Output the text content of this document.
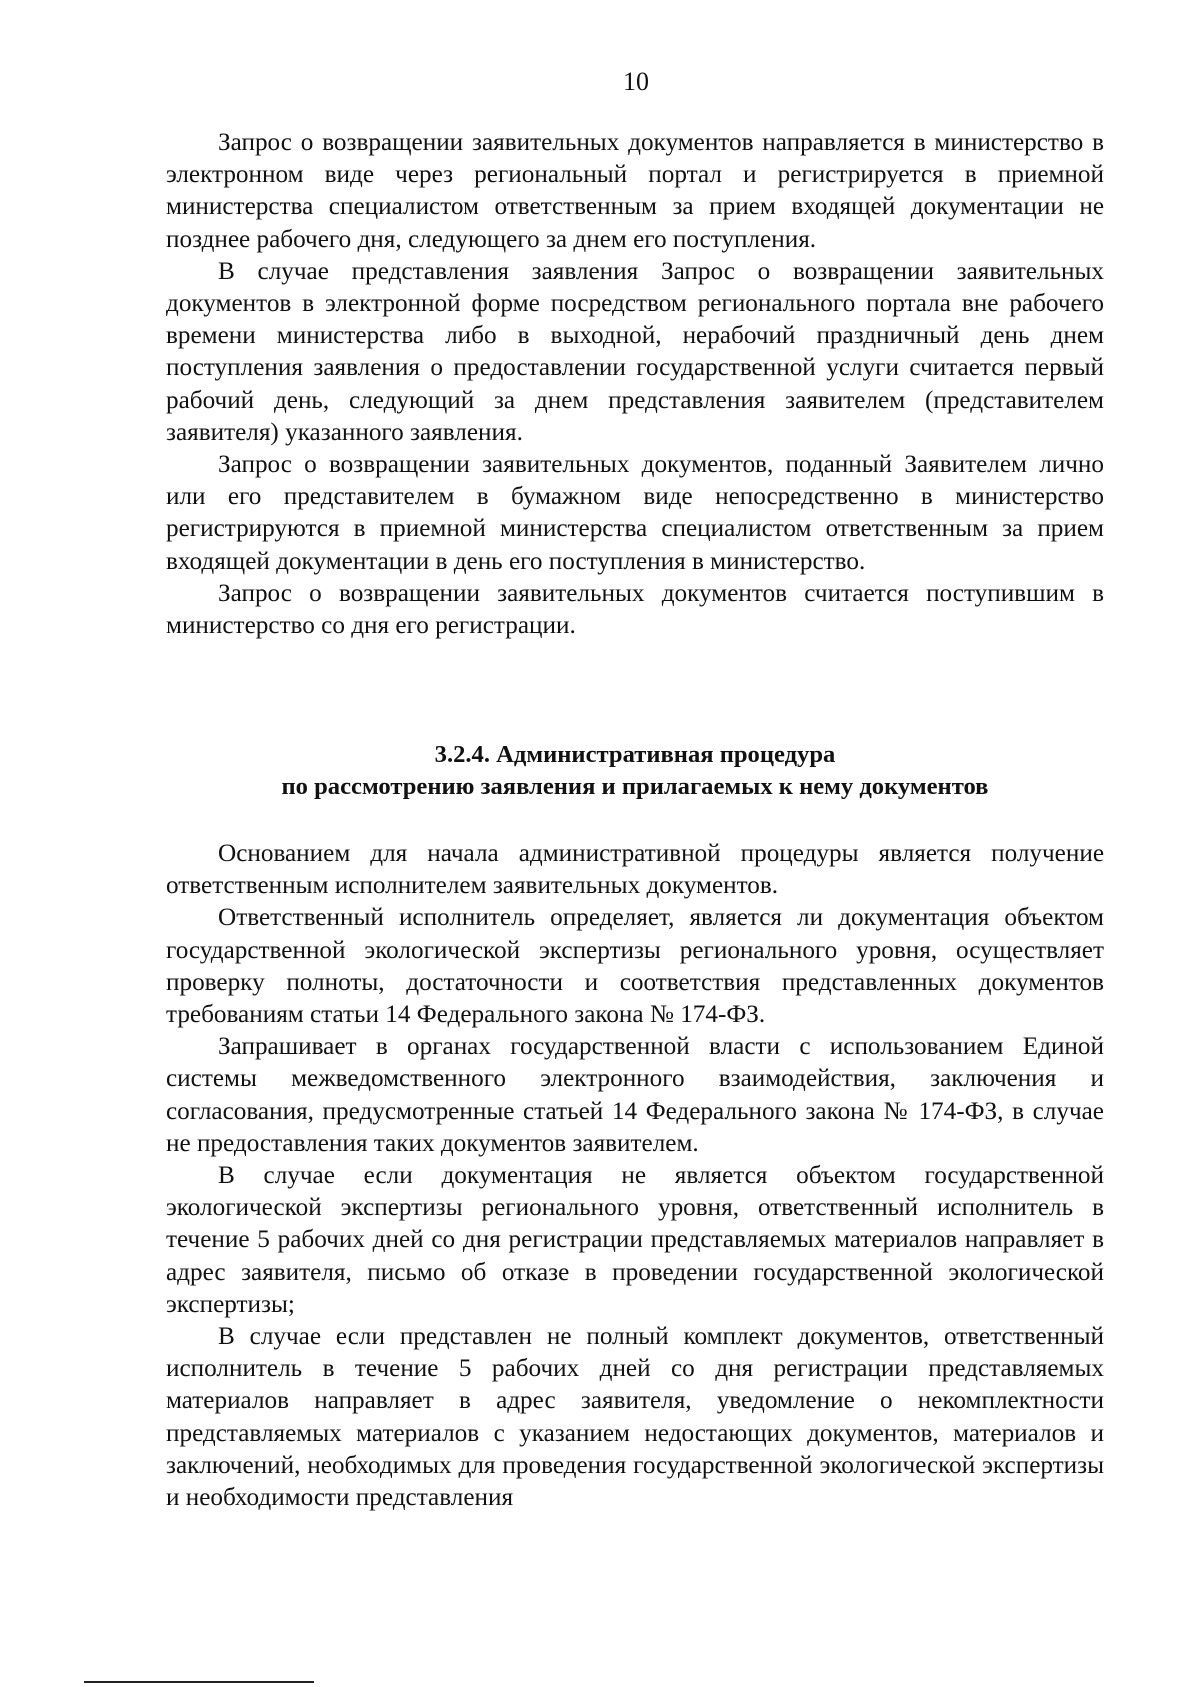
10

Запрос о возвращении заявительных документов направляется в министерство в электронном виде через региональный портал и регистрируется в приемной министерства специалистом ответственным за прием входящей документации не позднее рабочего дня, следующего за днем его поступления.

В случае представления заявления Запрос о возвращении заявительных документов в электронной форме посредством регионального портала вне рабочего времени министерства либо в выходной, нерабочий праздничный день днем поступления заявления о предоставлении государственной услуги считается первый рабочий день, следующий за днем представления заявителем (представителем заявителя) указанного заявления.

Запрос о возвращении заявительных документов, поданный Заявителем лично или его представителем в бумажном виде непосредственно в министерство регистрируются в приемной министерства специалистом ответственным за прием входящей документации в день его поступления в министерство.

Запрос о возвращении заявительных документов считается поступившим в министерство со дня его регистрации.

3.2.4. Административная процедура
по рассмотрению заявления и прилагаемых к нему документов

Основанием для начала административной процедуры является получение ответственным исполнителем заявительных документов.

Ответственный исполнитель определяет, является ли документация объектом государственной экологической экспертизы регионального уровня, осуществляет проверку полноты, достаточности и соответствия представленных документов требованиям статьи 14 Федерального закона № 174-ФЗ.

Запрашивает в органах государственной власти с использованием Единой системы межведомственного электронного взаимодействия, заключения и согласования, предусмотренные статьей 14 Федерального закона № 174-ФЗ, в случае не предоставления таких документов заявителем.

В случае если документация не является объектом государственной экологической экспертизы регионального уровня, ответственный исполнитель в течение 5 рабочих дней со дня регистрации представляемых материалов направляет в адрес заявителя, письмо об отказе в проведении государственной экологической экспертизы;

В случае если представлен не полный комплект документов, ответственный исполнитель в течение 5 рабочих дней со дня регистрации представляемых материалов направляет в адрес заявителя, уведомление о некомплектности представляемых материалов с указанием недостающих документов, материалов и заключений, необходимых для проведения государственной экологической экспертизы и необходимости представления
